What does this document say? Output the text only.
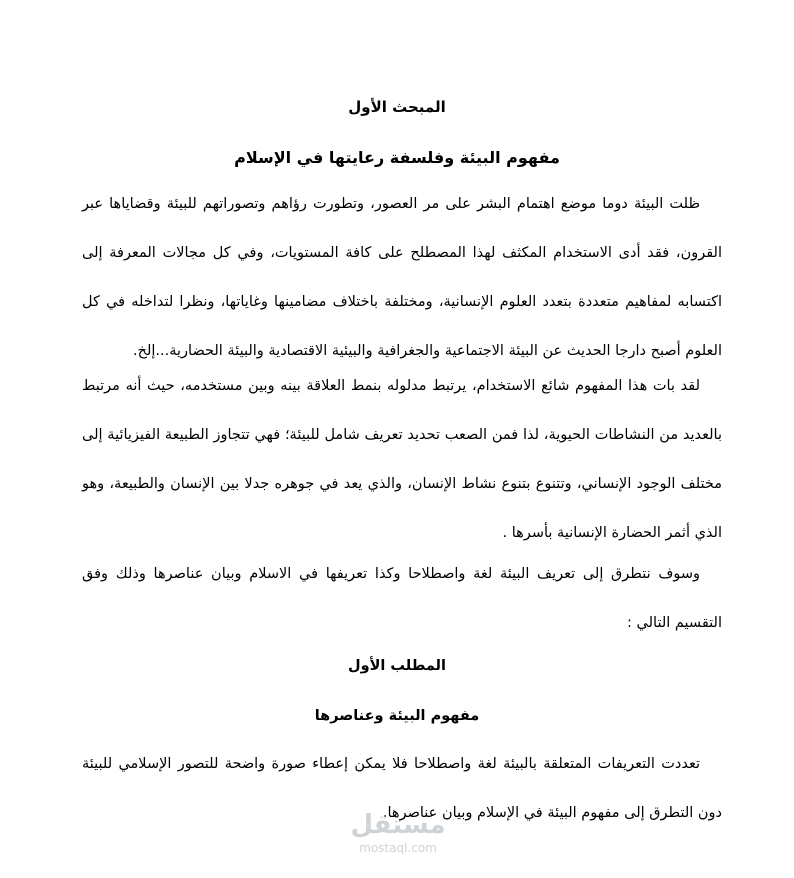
المبحث الأول
مفهوم البيئة وفلسفة رعايتها في الإسلام

ظلت البيئة دوما موضع اهتمام البشر على مر العصور، وتطورت رؤاهم وتصوراتهم للبيئة وقضاياها عبر القرون، فقد أدى الاستخدام المكثف لهذا المصطلح على كافة المستويات، وفي كل مجالات المعرفة إلى اكتسابه لمفاهيم متعددة بتعدد العلوم الإنسانية، ومختلفة باختلاف مضامينها وغاياتها، ونظرا لتداخله في كل العلوم أصبح دارجا الحديث عن البيئة الاجتماعية والجغرافية والبيئية الاقتصادية والبيئة الحضارية...إلخ.

لقد بات هذا المفهوم شائع الاستخدام، يرتبط مدلوله بنمط العلاقة بينه وبين مستخدمه، حيث أنه مرتبط بالعديد من النشاطات الحيوية، لذا فمن الصعب تحديد تعريف شامل للبيئة؛ فهي تتجاوز الطبيعة الفيزيائية إلى مختلف الوجود الإنساني، وتتنوع بتنوع نشاط الإنسان، والذي يعد في جوهره جدلا بين الإنسان والطبيعة، وهو الذي أثمر الحضارة الإنسانية بأسرها .

وسوف نتطرق إلى تعريف البيئة لغة واصطلاحا وكذا تعريفها في الاسلام وبيان عناصرها وذلك وفق التقسيم التالي :

المطلب الأول
مفهوم البيئة وعناصرها

تعددت التعريفات المتعلقة بالبيئة لغة واصطلاحا فلا يمكن إعطاء صورة واضحة للتصور الإسلامي للبيئة دون التطرق إلى مفهوم البيئة في الإسلام وبيان عناصرها.

مستقل
mostaql.com
